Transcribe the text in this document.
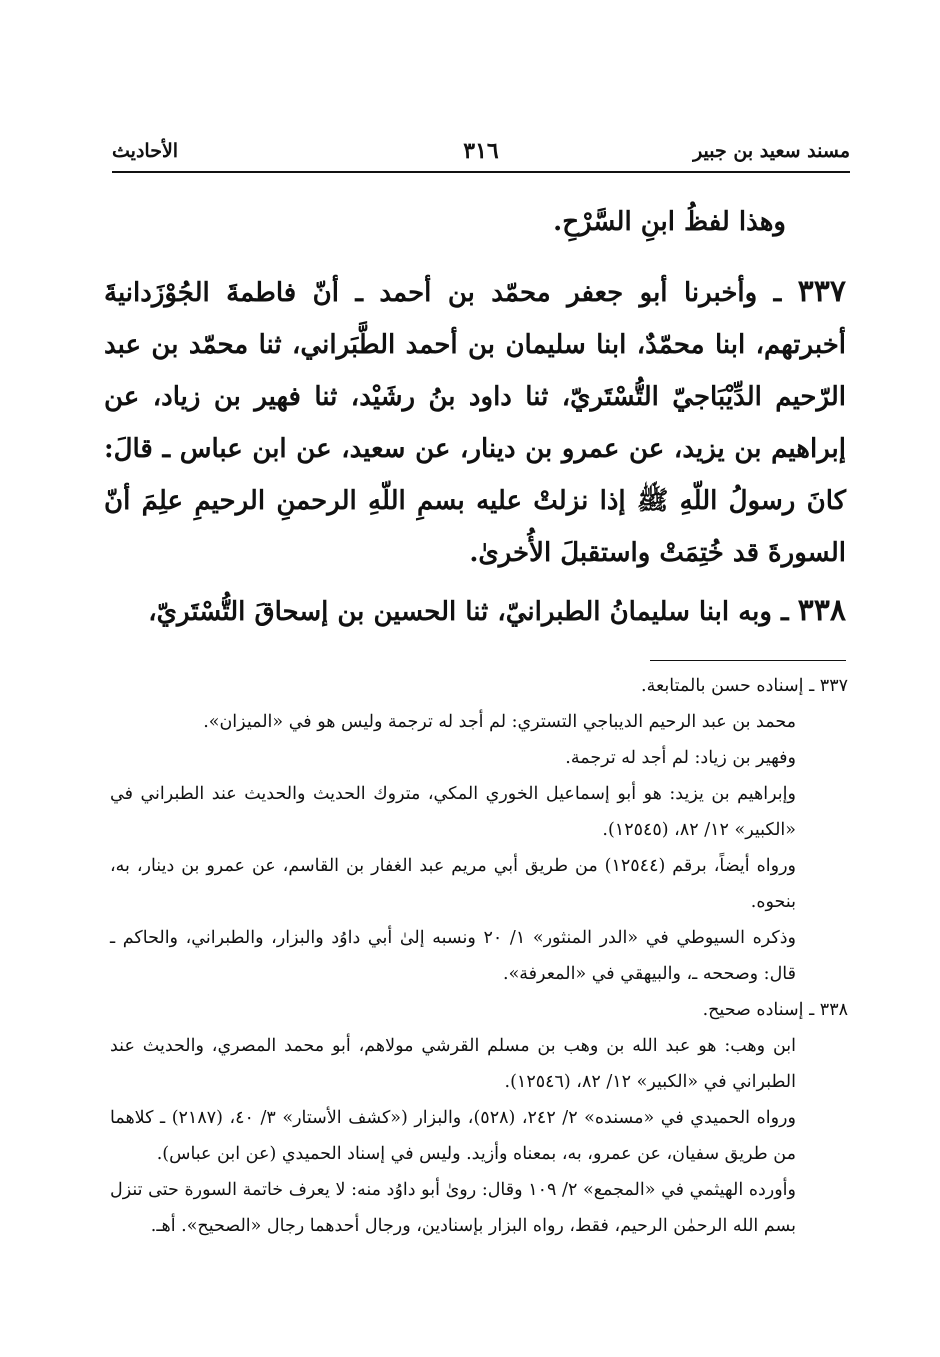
مسند سعيد بن جبير
٣١٦
الأحاديث

وهذا لفظُ ابنِ السَّرْحِ.

٣٣٧ ـ وأخبرنا أبو جعفر محمّد بن أحمد ـ أنّ فاطمةَ الجُوْزَدانيةَ أخبرتهم، ابنا محمّدٌ، ابنا سليمان بن أحمد الطَّبَراني، ثنا محمّد بن عبد الرّحيم الدِّيْبَاجيّ التُّسْتَريّ، ثنا داود بنُ رشَيْد، ثنا فهير بن زياد، عن إبراهيم بن يزيد، عن عمرو بن دينار، عن سعيد، عن ابن عباس ـ قالَ: كانَ رسولُ اللّهِ ﷺ إذا نزلتْ عليه بسمِ اللّهِ الرحمنِ الرحيمِ علِمَ أنّ السورةَ قد خُتِمَتْ واستقبلَ الأُخرىٰ.

٣٣٨ ـ وبه ابنا سليمانُ الطبرانيّ، ثنا الحسين بن إسحاقَ التُّسْتَريّ،

٣٣٧ ـ إسناده حسن بالمتابعة.

محمد بن عبد الرحيم الديباجي التستري: لم أجد له ترجمة وليس هو في «الميزان».

وفهير بن زياد: لم أجد له ترجمة.

وإبراهيم بن يزيد: هو أبو إسماعيل الخوري المكي، متروك الحديث والحديث عند الطبراني في «الكبير» ١٢/ ٨٢، (١٢٥٤٥).

ورواه أيضاً، برقم (١٢٥٤٤) من طريق أبي مريم عبد الغفار بن القاسم، عن عمرو بن دينار، به، بنحوه.

وذكره السيوطي في «الدر المنثور» ١/ ٢٠ ونسبه إلىٰ أبي داوُد والبزار، والطبراني، والحاكم ـ قال: وصححه ـ، والبيهقي في «المعرفة».

٣٣٨ ـ إسناده صحيح.

ابن وهب: هو عبد الله بن وهب بن مسلم القرشي مولاهم، أبو محمد المصري، والحديث عند الطبراني في «الكبير» ١٢/ ٨٢، (١٢٥٤٦).

ورواه الحميدي في «مسنده» ٢/ ٢٤٢، (٥٢٨)، والبزار («كشف الأستار» ٣/ ٤٠، (٢١٨٧) ـ كلاهما من طريق سفيان، عن عمرو، به، بمعناه وأزيد. وليس في إسناد الحميدي (عن ابن عباس).

وأورده الهيثمي في «المجمع» ٢/ ١٠٩ وقال: روىٰ أبو داوُد منه: لا يعرف خاتمة السورة حتى تنزل بسم الله الرحمٰن الرحيم، فقط، رواه البزار بإسنادين، ورجال أحدهما رجال «الصحيح». أهـ.
